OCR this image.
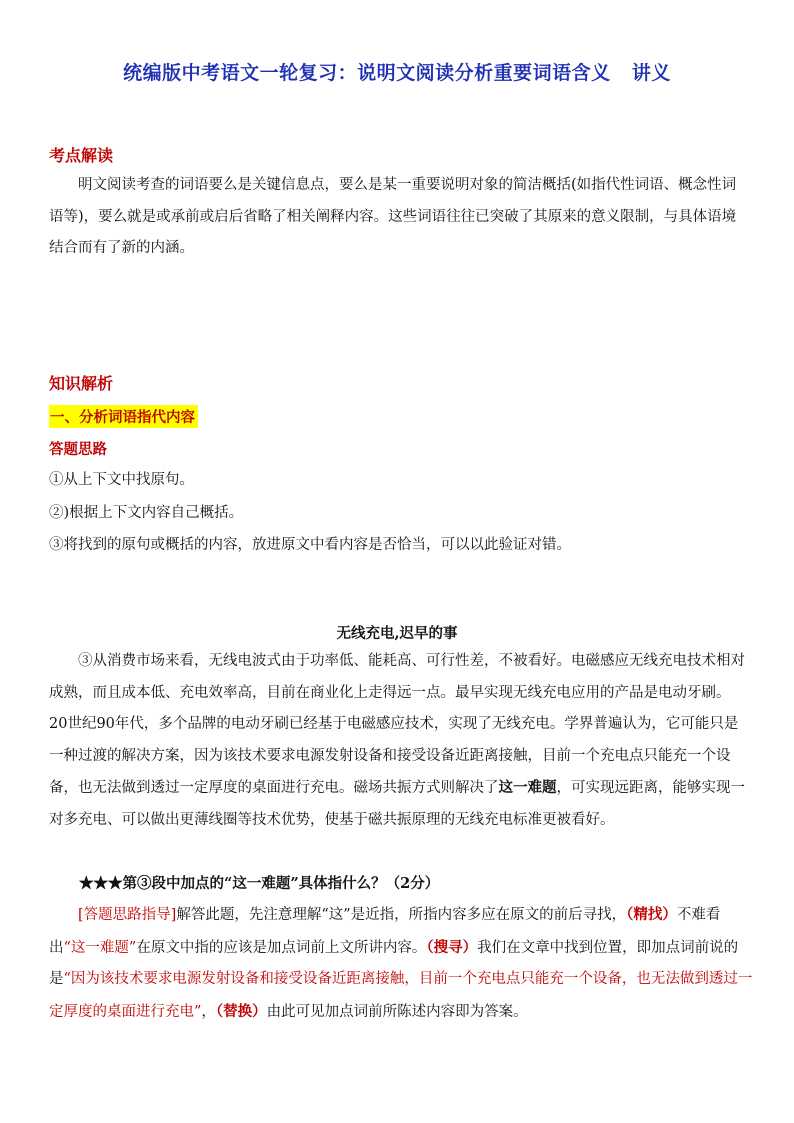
统编版中考语文一轮复习：说明文阅读分析重要词语含义   讲义
考点解读
明文阅读考查的词语要么是关键信息点，要么是某一重要说明对象的简洁概括(如指代性词语、概念性词语等)，要么就是或承前或启后省略了相关阐释内容。这些词语往往已突破了其原来的意义限制，与具体语境结合而有了新的内涵。
知识解析
一、分析词语指代内容
答题思路
①从上下文中找原句。
②)根据上下文内容自己概括。
③将找到的原句或概括的内容，放进原文中看内容是否恰当，可以以此验证对错。
无线充电,迟早的事
③从消费市场来看，无线电波式由于功率低、能耗高、可行性差，不被看好。电磁感应无线充电技术相对成熟，而且成本低、充电效率高，目前在商业化上走得远一点。最早实现无线充电应用的产品是电动牙刷。20世纪90年代，多个品牌的电动牙刷已经基于电磁感应技术，实现了无线充电。学界普遍认为，它可能只是一种过渡的解决方案，因为该技术要求电源发射设备和接受设备近距离接触，目前一个充电点只能充一个设备，也无法做到透过一定厚度的桌面进行充电。磁场共振方式则解决了这一难题，可实现远距离，能够实现一对多充电、可以做出更薄线圈等技术优势，使基于磁共振原理的无线充电标准更被看好。
★★★第③段中加点的“这一难题”具体指什么？（2分）
[答题思路指导]解答此题，先注意理解“这”是近指，所指内容多应在原文的前后寻找，（精找）不难看出“这一难题”在原文中指的应该是加点词前上文所讲内容。（搜寻）我们在文章中找到位置，即加点词前说的是“因为该技术要求电源发射设备和接受设备近距离接触，目前一个充电点只能充一个设备，也无法做到透过一定厚度的桌面进行充电”，（替换）由此可见加点词前所陈述内容即为答案。
